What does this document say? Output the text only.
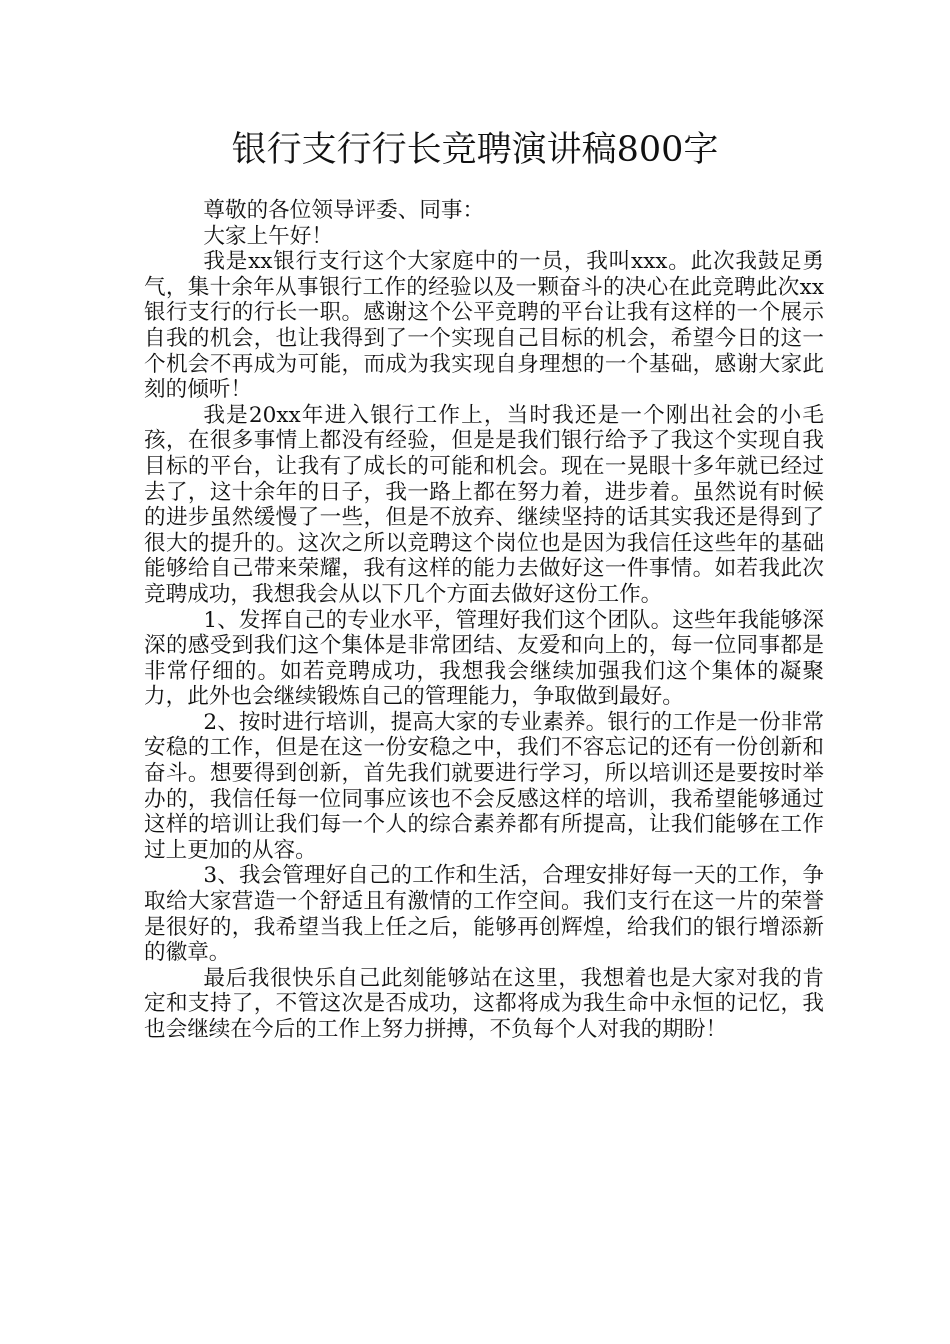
银行支行行长竞聘演讲稿800字

尊敬的各位领导评委、同事：

大家上午好！

我是xx银行支行这个大家庭中的一员，我叫xxx。此次我鼓足勇气，集十余年从事银行工作的经验以及一颗奋斗的决心在此竞聘此次xx银行支行的行长一职。感谢这个公平竞聘的平台让我有这样的一个展示自我的机会，也让我得到了一个实现自己目标的机会，希望今日的这一个机会不再成为可能，而成为我实现自身理想的一个基础，感谢大家此刻的倾听！

我是20xx年进入银行工作上，当时我还是一个刚出社会的小毛孩，在很多事情上都没有经验，但是是我们银行给予了我这个实现自我目标的平台，让我有了成长的可能和机会。现在一晃眼十多年就已经过去了，这十余年的日子，我一路上都在努力着，进步着。虽然说有时候的进步虽然缓慢了一些，但是不放弃、继续坚持的话其实我还是得到了很大的提升的。这次之所以竞聘这个岗位也是因为我信任这些年的基础能够给自己带来荣耀，我有这样的能力去做好这一件事情。如若我此次竞聘成功，我想我会从以下几个方面去做好这份工作。

1、发挥自己的专业水平，管理好我们这个团队。这些年我能够深深的感受到我们这个集体是非常团结、友爱和向上的，每一位同事都是非常仔细的。如若竞聘成功，我想我会继续加强我们这个集体的凝聚力，此外也会继续锻炼自己的管理能力，争取做到最好。

2、按时进行培训，提高大家的专业素养。银行的工作是一份非常安稳的工作，但是在这一份安稳之中，我们不容忘记的还有一份创新和奋斗。想要得到创新，首先我们就要进行学习，所以培训还是要按时举办的，我信任每一位同事应该也不会反感这样的培训，我希望能够通过这样的培训让我们每一个人的综合素养都有所提高，让我们能够在工作过上更加的从容。

3、我会管理好自己的工作和生活，合理安排好每一天的工作，争取给大家营造一个舒适且有激情的工作空间。我们支行在这一片的荣誉是很好的，我希望当我上任之后，能够再创辉煌，给我们的银行增添新的徽章。

最后我很快乐自己此刻能够站在这里，我想着也是大家对我的肯定和支持了，不管这次是否成功，这都将成为我生命中永恒的记忆，我也会继续在今后的工作上努力拼搏，不负每个人对我的期盼！
